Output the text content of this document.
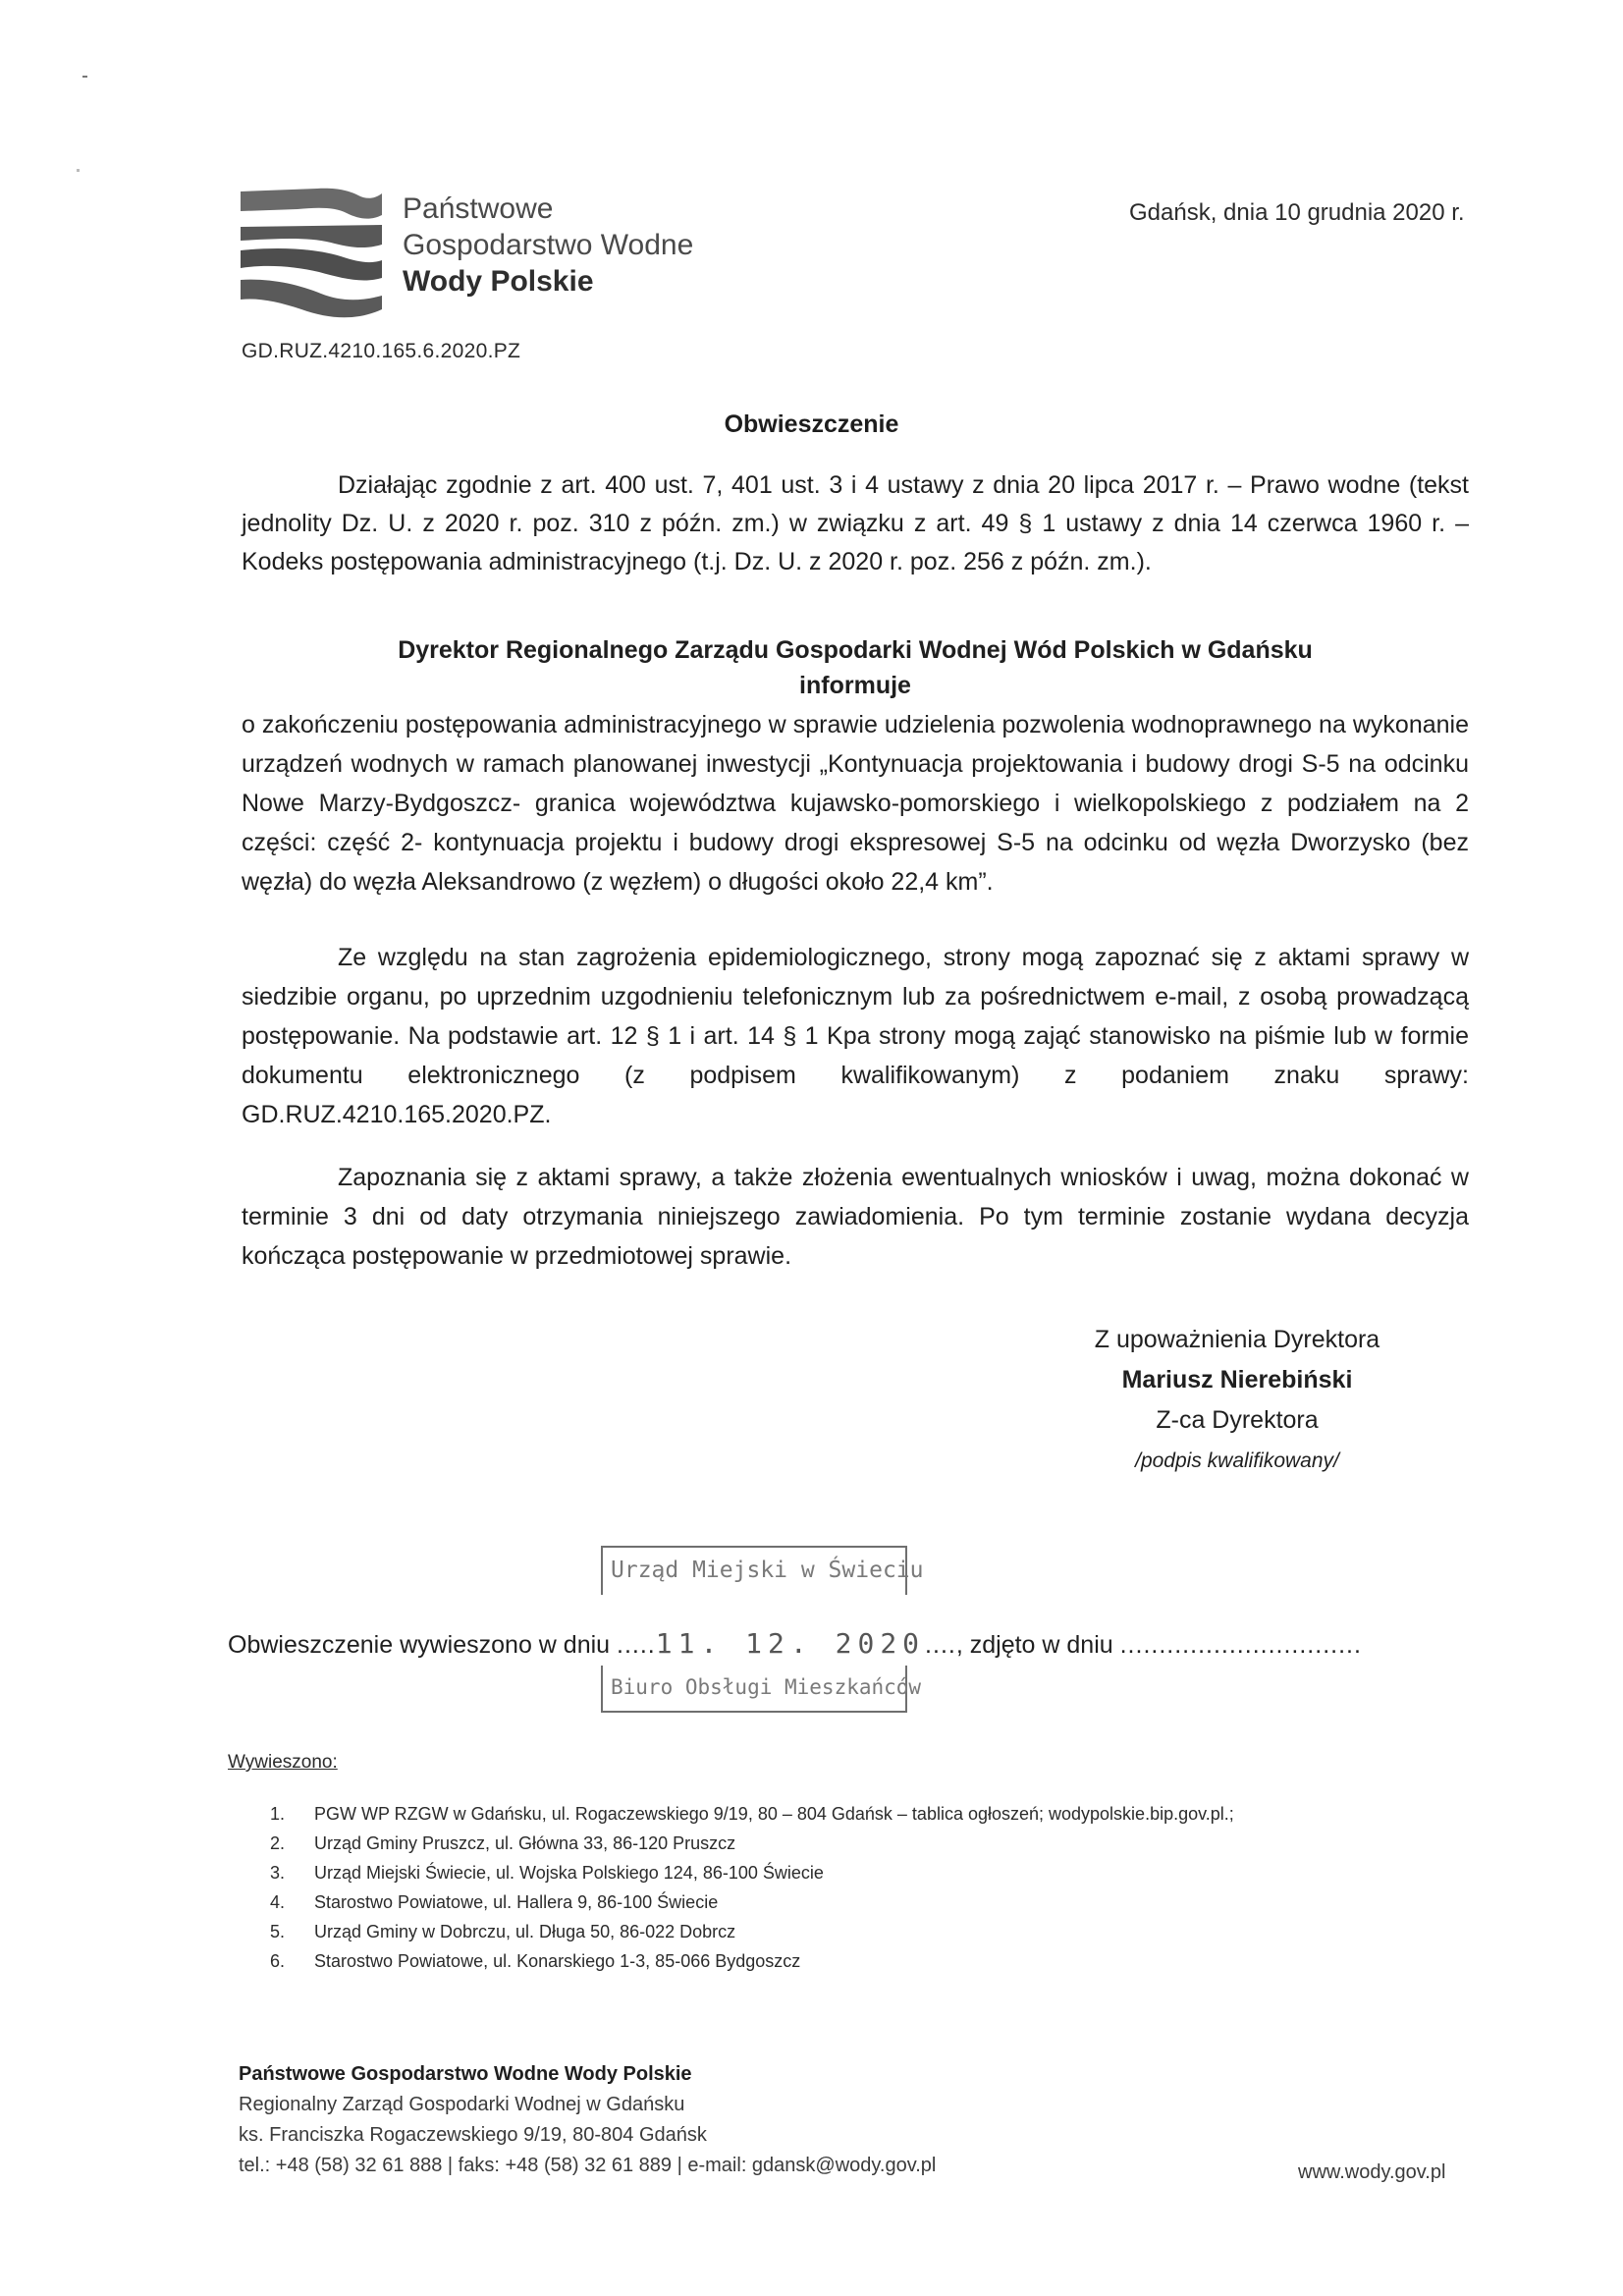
Państwowe
Gospodarstwo Wodne
Wody Polskie
Gdańsk, dnia 10 grudnia 2020 r.
GD.RUZ.4210.165.6.2020.PZ
Obwieszczenie
Działając zgodnie z art. 400 ust. 7, 401 ust. 3 i 4 ustawy z dnia 20 lipca 2017 r. – Prawo wodne (tekst jednolity Dz. U. z 2020 r. poz. 310 z późn. zm.) w związku z art. 49 § 1 ustawy z dnia 14 czerwca 1960 r. – Kodeks postępowania administracyjnego (t.j. Dz. U. z 2020 r. poz. 256 z późn. zm.).
Dyrektor Regionalnego Zarządu Gospodarki Wodnej Wód Polskich w Gdańsku
informuje
o zakończeniu postępowania administracyjnego w sprawie udzielenia pozwolenia wodnoprawnego na wykonanie urządzeń wodnych w ramach planowanej inwestycji „Kontynuacja projektowania i budowy drogi S-5 na odcinku Nowe Marzy-Bydgoszcz- granica województwa kujawsko-pomorskiego i wielkopolskiego z podziałem na 2 części: część 2- kontynuacja projektu i budowy drogi ekspresowej S-5 na odcinku od węzła Dworzysko (bez węzła) do węzła Aleksandrowo (z węzłem) o długości około 22,4 km”.
Ze względu na stan zagrożenia epidemiologicznego, strony mogą zapoznać się z aktami sprawy w siedzibie organu, po uprzednim uzgodnieniu telefonicznym lub za pośrednictwem e-mail, z osobą prowadzącą postępowanie. Na podstawie art. 12 § 1 i art. 14 § 1 Kpa strony mogą zająć stanowisko na piśmie lub w formie dokumentu elektronicznego (z podpisem kwalifikowanym) z podaniem znaku sprawy: GD.RUZ.4210.165.2020.PZ.
Zapoznania się z aktami sprawy, a także złożenia ewentualnych wniosków i uwag, można dokonać w terminie 3 dni od daty otrzymania niniejszego zawiadomienia. Po tym terminie zostanie wydana decyzja kończąca postępowanie w przedmiotowej sprawie.
Z upoważnienia Dyrektora
Mariusz Nierebiński
Z-ca Dyrektora
/podpis kwalifikowany/
Urząd Miejski w Świeciu
Obwieszczenie wywieszono w dniu .....11. 12. 2020...., zdjęto w dniu ...............................
Biuro Obsługi Mieszkańców
Wywieszono:
1. PGW WP RZGW w Gdańsku, ul. Rogaczewskiego 9/19, 80 – 804 Gdańsk – tablica ogłoszeń; wodypolskie.bip.gov.pl.;
2. Urząd Gminy Pruszcz, ul. Główna 33, 86-120 Pruszcz
3. Urząd Miejski Świecie, ul. Wojska Polskiego 124, 86-100 Świecie
4. Starostwo Powiatowe, ul. Hallera 9, 86-100 Świecie
5. Urząd Gminy w Dobrczu, ul. Długa 50, 86-022 Dobrcz
6. Starostwo Powiatowe, ul. Konarskiego 1-3, 85-066 Bydgoszcz
Państwowe Gospodarstwo Wodne Wody Polskie
Regionalny Zarząd Gospodarki Wodnej w Gdańsku
ks. Franciszka Rogaczewskiego 9/19, 80-804 Gdańsk
tel.: +48 (58) 32 61 888 | faks: +48 (58) 32 61 889 | e-mail: gdansk@wody.gov.pl	www.wody.gov.pl
